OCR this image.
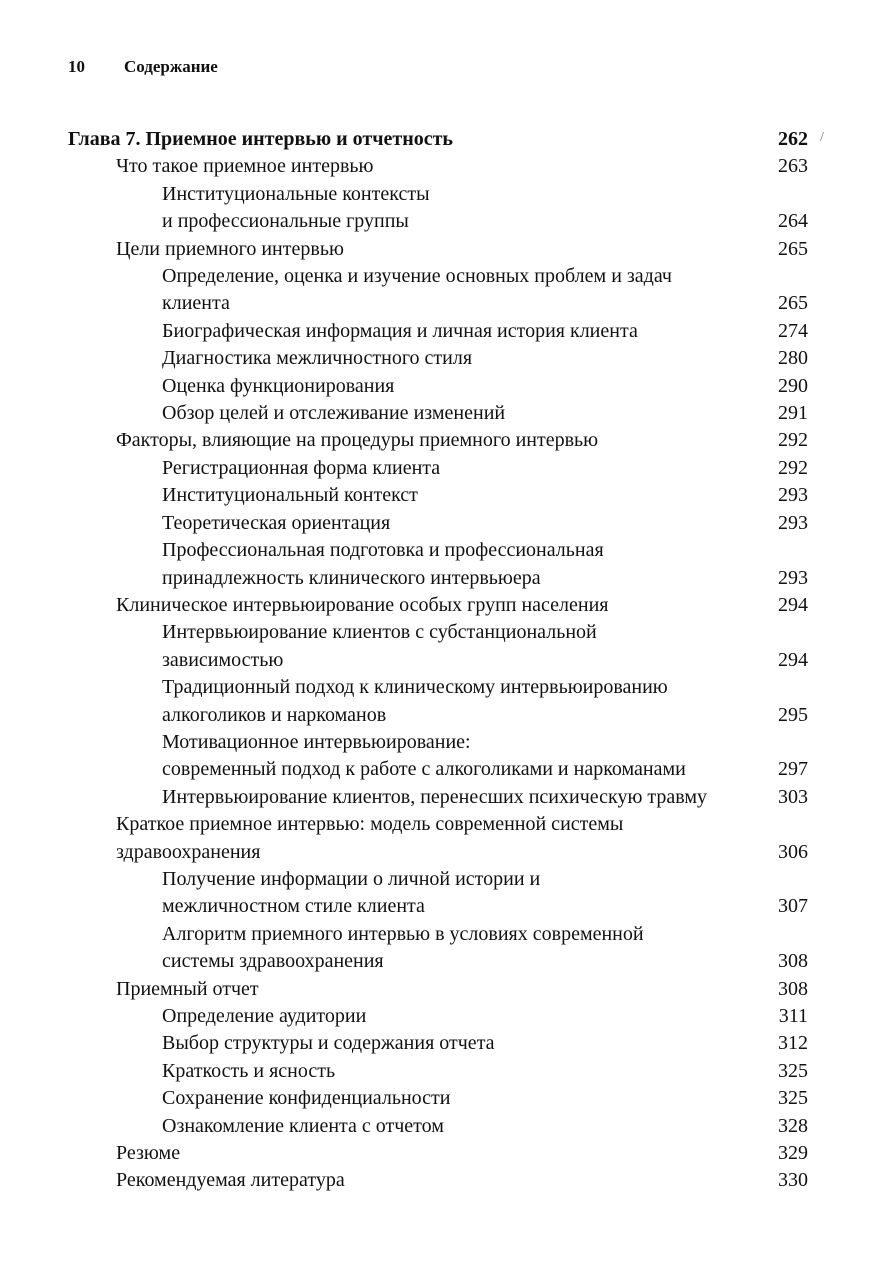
10 Содержание
/
Глава 7. Приемное интервью и отчетность	262
Что такое приемное интервью	263
Институциональные контексты
и профессиональные группы	264
Цели приемного интервью	265
Определение, оценка и изучение основных проблем и задач
клиента	265
Биографическая информация и личная история клиента	274
Диагностика межличностного стиля	280
Оценка функционирования	290
Обзор целей и отслеживание изменений	291
Факторы, влияющие на процедуры приемного интервью	292
Регистрационная форма клиента	292
Институциональный контекст	293
Теоретическая ориентация	293
Профессиональная подготовка и профессиональная
принадлежность клинического интервьюера	293
Клиническое интервьюирование особых групп населения	294
Интервьюирование клиентов с субстанциональной
зависимостью	294
Традиционный подход к клиническому интервьюированию
алкоголиков и наркоманов	295
Мотивационное интервьюирование:
современный подход к работе с алкоголиками и наркоманами	297
Интервьюирование клиентов, перенесших психическую травму	303
Краткое приемное интервью: модель современной системы
здравоохранения	306
Получение информации о личной истории и
межличностном стиле клиента	307
Алгоритм приемного интервью в условиях современной
системы здравоохранения	308
Приемный отчет	308
Определение аудитории	311
Выбор структуры и содержания отчета	312
Краткость и ясность	325
Сохранение конфиденциальности	325
Ознакомление клиента с отчетом	328
Резюме	329
Рекомендуемая литература	330
